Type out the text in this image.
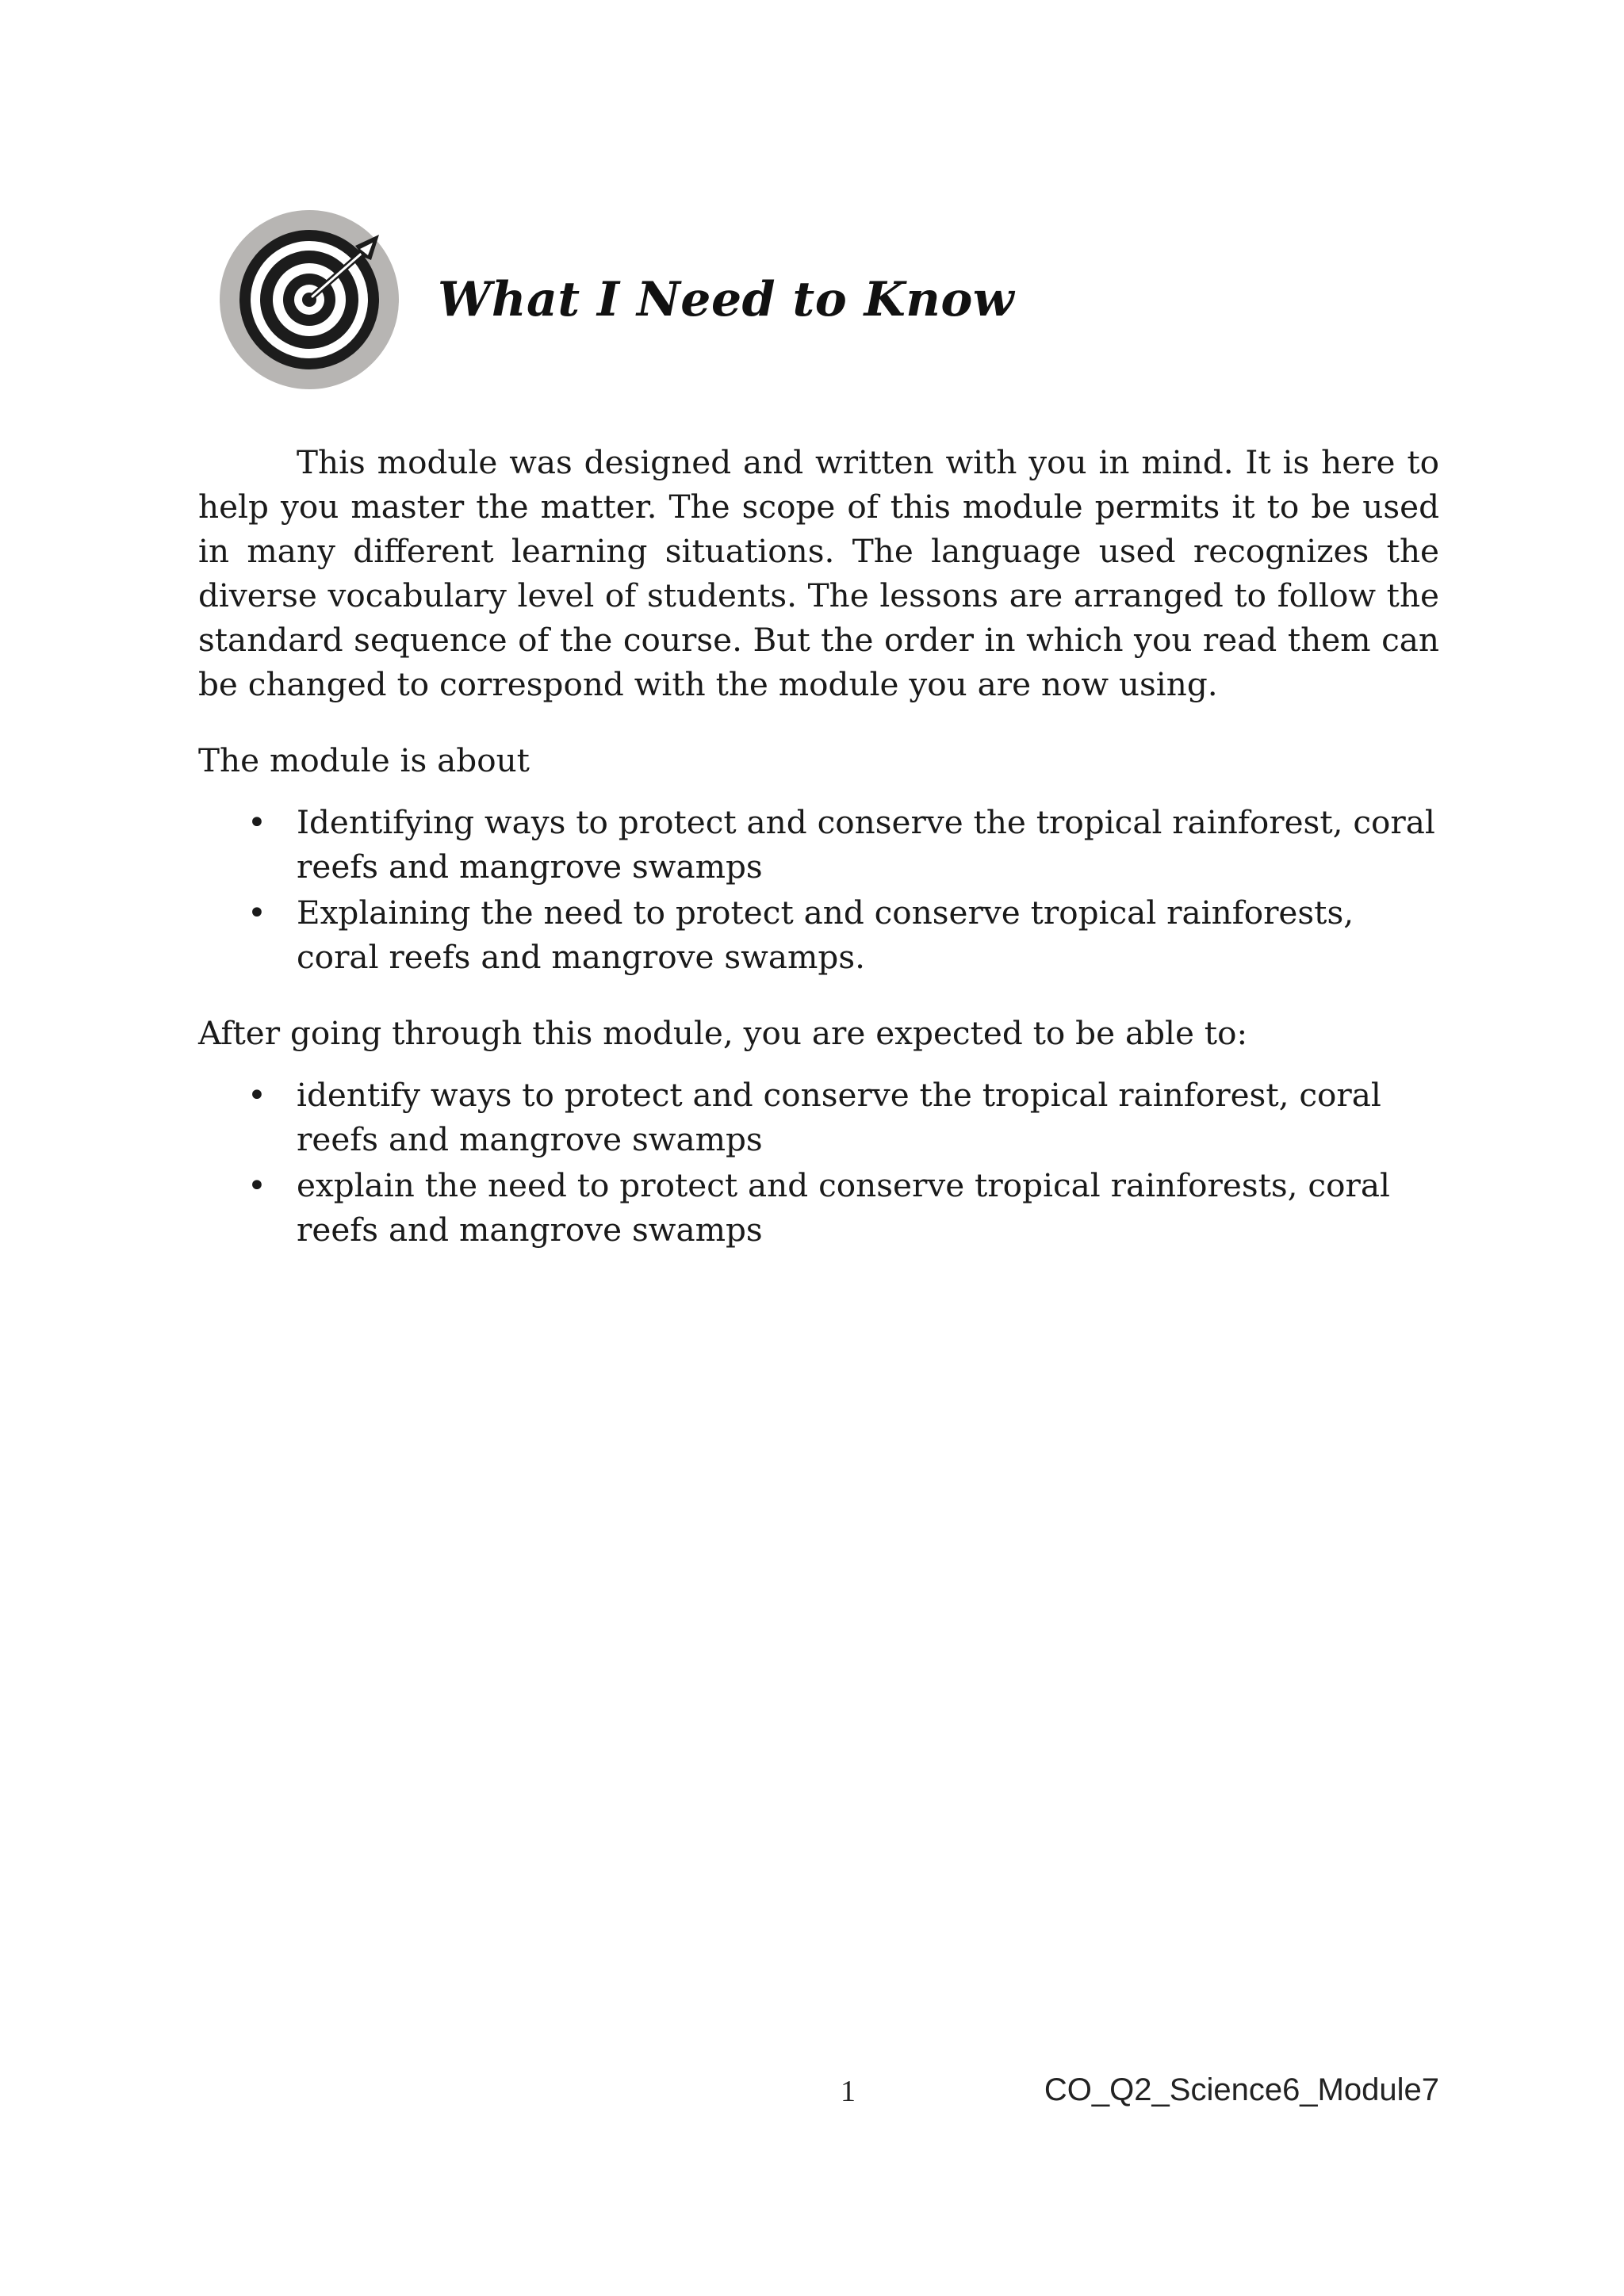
What I Need to Know

This module was designed and written with you in mind. It is here to help you master the matter. The scope of this module permits it to be used in many different learning situations. The language used recognizes the diverse vocabulary level of students. The lessons are arranged to follow the standard sequence of the course. But the order in which you read them can be changed to correspond with the module you are now using.

The module is about

• Identifying ways to protect and conserve the tropical rainforest, coral reefs and mangrove swamps
• Explaining the need to protect and conserve tropical rainforests, coral reefs and mangrove swamps.

After going through this module, you are expected to be able to:

• identify ways to protect and conserve the tropical rainforest, coral reefs and mangrove swamps
• explain the need to protect and conserve tropical rainforests, coral reefs and mangrove swamps
1	CO_Q2_Science6_Module7
